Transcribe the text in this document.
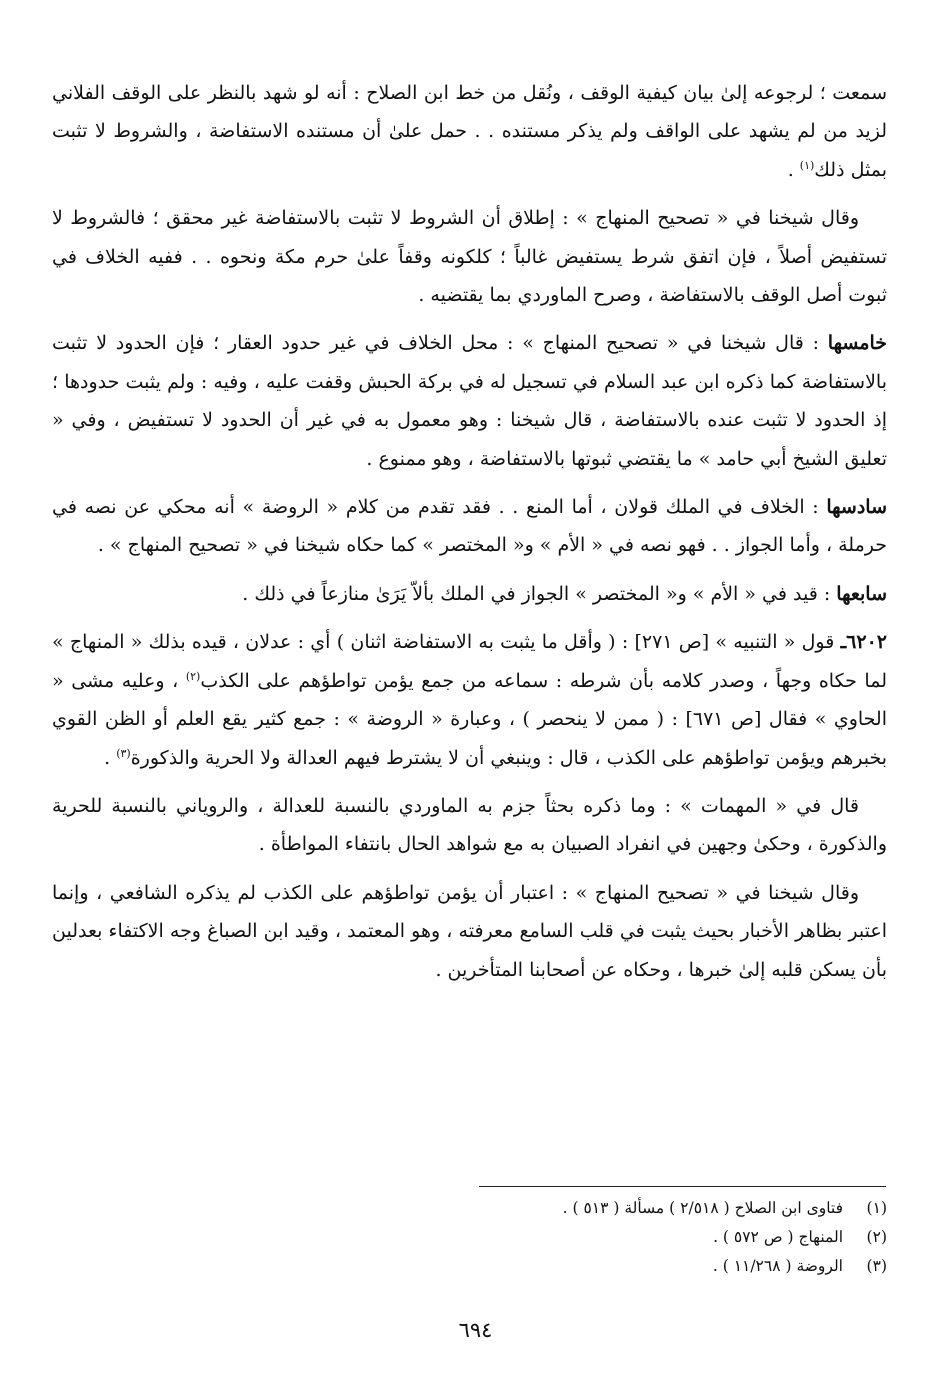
سمعت ؛ لرجوعه إلىٰ بيان كيفية الوقف ، ونُقل من خط ابن الصلاح : أنه لو شهد بالنظر على الوقف الفلاني لزيد من لم يشهد على الواقف ولم يذكر مستنده . . حمل علىٰ أن مستنده الاستفاضة ، والشروط لا تثبت بمثل ذلك$^{(١)}$ .

وقال شيخنا في « تصحيح المنهاج » : إطلاق أن الشروط لا تثبت بالاستفاضة غير محقق ؛ فالشروط لا تستفيض أصلاً ، فإن اتفق شرط يستفيض غالباً ؛ كلكونه وقفاً علىٰ حرم مكة ونحوه . . ففيه الخلاف في ثبوت أصل الوقف بالاستفاضة ، وصرح الماوردي بما يقتضيه .

خامسها : قال شيخنا في « تصحيح المنهاج » : محل الخلاف في غير حدود العقار ؛ فإن الحدود لا تثبت بالاستفاضة كما ذكره ابن عبد السلام في تسجيل له في بركة الحبش وقفت عليه ، وفيه : ولم يثبت حدودها ؛ إذ الحدود لا تثبت عنده بالاستفاضة ، قال شيخنا : وهو معمول به في غير أن الحدود لا تستفيض ، وفي « تعليق الشيخ أبي حامد » ما يقتضي ثبوتها بالاستفاضة ، وهو ممنوع .

سادسها : الخلاف في الملك قولان ، أما المنع . . فقد تقدم من كلام « الروضة » أنه محكي عن نصه في حرملة ، وأما الجواز . . فهو نصه في « الأم » و« المختصر » كما حكاه شيخنا في « تصحيح المنهاج » .

سابعها : قيد في « الأم » و« المختصر » الجواز في الملك بألاّ يَرَىٰ منازعاً في ذلك .

٦٢٠٢ـ قول « التنبيه » [ص ٢٧١] : ( وأقل ما يثبت به الاستفاضة اثنان ) أي : عدلان ، قيده بذلك « المنهاج » لما حكاه وجهاً ، وصدر كلامه بأن شرطه : سماعه من جمع يؤمن تواطؤهم على الكذب$^{(٢)}$ ، وعليه مشى « الحاوي » فقال [ص ٦٧١] : ( ممن لا ينحصر ) ، وعبارة « الروضة » : جمع كثير يقع العلم أو الظن القوي بخبرهم ويؤمن تواطؤهم على الكذب ، قال : وينبغي أن لا يشترط فيهم العدالة ولا الحرية والذكورة$^{(٣)}$ .

قال في « المهمات » : وما ذكره بحثاً جزم به الماوردي بالنسبة للعدالة ، والروياني بالنسبة للحرية والذكورة ، وحكىٰ وجهين في انفراد الصبيان به مع شواهد الحال بانتفاء المواطأة .

وقال شيخنا في « تصحيح المنهاج » : اعتبار أن يؤمن تواطؤهم على الكذب لم يذكره الشافعي ، وإنما اعتبر بظاهر الأخبار بحيث يثبت في قلب السامع معرفته ، وهو المعتمد ، وقيد ابن الصباغ وجه الاكتفاء بعدلين بأن يسكن قلبه إلىٰ خبرها ، وحكاه عن أصحابنا المتأخرين .

(١)
فتاوى ابن الصلاح ( ٢/٥١٨ ) مسألة ( ٥١٣ ) .
(٢)
المنهاج ( ص ٥٧٢ ) .
(٣)
الروضة ( ١١/٢٦٨ ) .
٦٩٤
